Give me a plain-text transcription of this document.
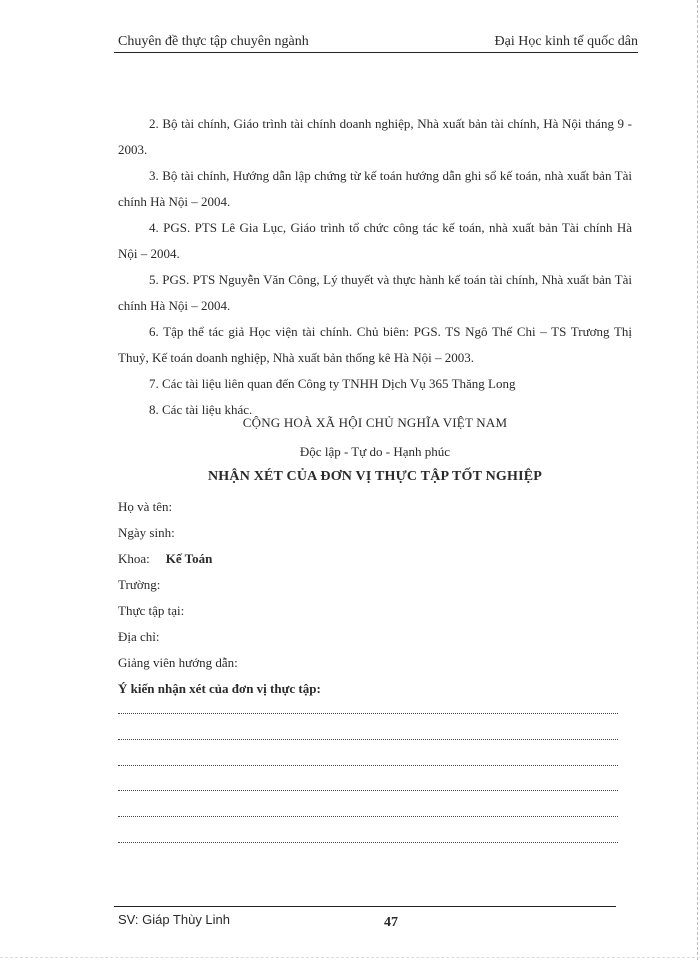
Chuyên đề thực tập chuyên ngành	Đại Học kinh tế quốc dân

2. Bộ tài chính, Giáo trình tài chính doanh nghiệp, Nhà xuất bản tài chính, Hà Nội tháng 9 - 2003.

3. Bộ tài chính, Hướng dẫn lập chứng từ kế toán hướng dẫn ghi sổ kế toán, nhà xuất bản Tài chính Hà Nội – 2004.

4. PGS. PTS Lê Gia Lục, Giáo trình tổ chức công tác kế toán, nhà xuất bản Tài chính Hà Nội – 2004.

5. PGS. PTS Nguyễn Văn Công, Lý thuyết và thực hành kế toán tài chính, Nhà xuất bản Tài chính Hà Nội – 2004.

6. Tập thể tác giả Học viện tài chính. Chủ biên: PGS. TS Ngô Thế Chi – TS Trương Thị Thuỷ, Kế toán doanh nghiệp, Nhà xuất bản thống kê Hà Nội – 2003.

7. Các tài liệu liên quan đến Công ty TNHH Dịch Vụ 365 Thăng Long

8. Các tài liệu khác.

CỘNG HOÀ XÃ HỘI CHỦ NGHĨA VIỆT NAM
Độc lập - Tự do - Hạnh phúc
NHẬN XÉT CỦA ĐƠN VỊ THỰC TẬP TỐT NGHIỆP
Họ và tên:
Ngày sinh:
Khoa: Kế Toán
Trường:
Thực tập tại:
Địa chỉ:
Giảng viên hướng dẫn:
Ý kiến nhận xét của đơn vị thực tập:
SV: Giáp Thùy Linh	47
